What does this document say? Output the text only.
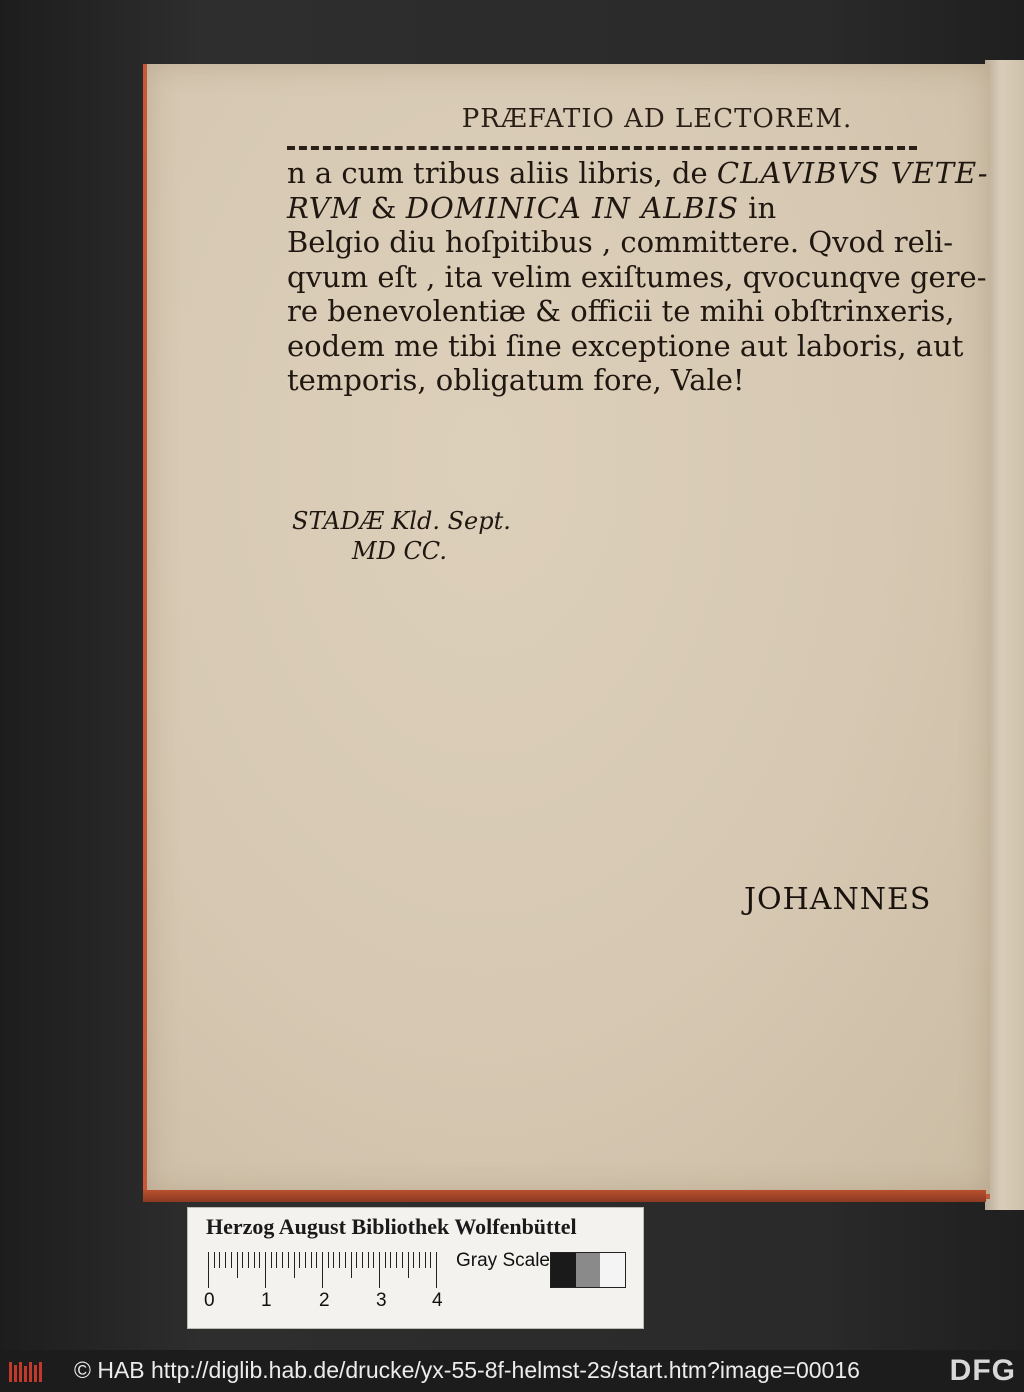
PRÆFATIO AD LECTOREM.
n a cum tribus aliis libris, de CLAVIBVS VETE-
RVM & DOMINICA IN ALBIS in
Belgio diu hoſpitibus , committere. Qvod reli-
qvum eſt , ita velim exiſtumes, qvocunqve gere-
re benevolentiæ & officii te mihi obſtrinxeris,
eodem me tibi ſine exceptione aut laboris, aut
temporis, obligatum fore, Vale!
STADÆ Kld. Sept.
MD CC.
JOHANNES
Herzog August Bibliothek Wolfenbüttel
0 1 2 3 4
Gray Scale
© HAB http://diglib.hab.de/drucke/yx-55-8f-helmst-2s/start.htm?image=00016	DFG
